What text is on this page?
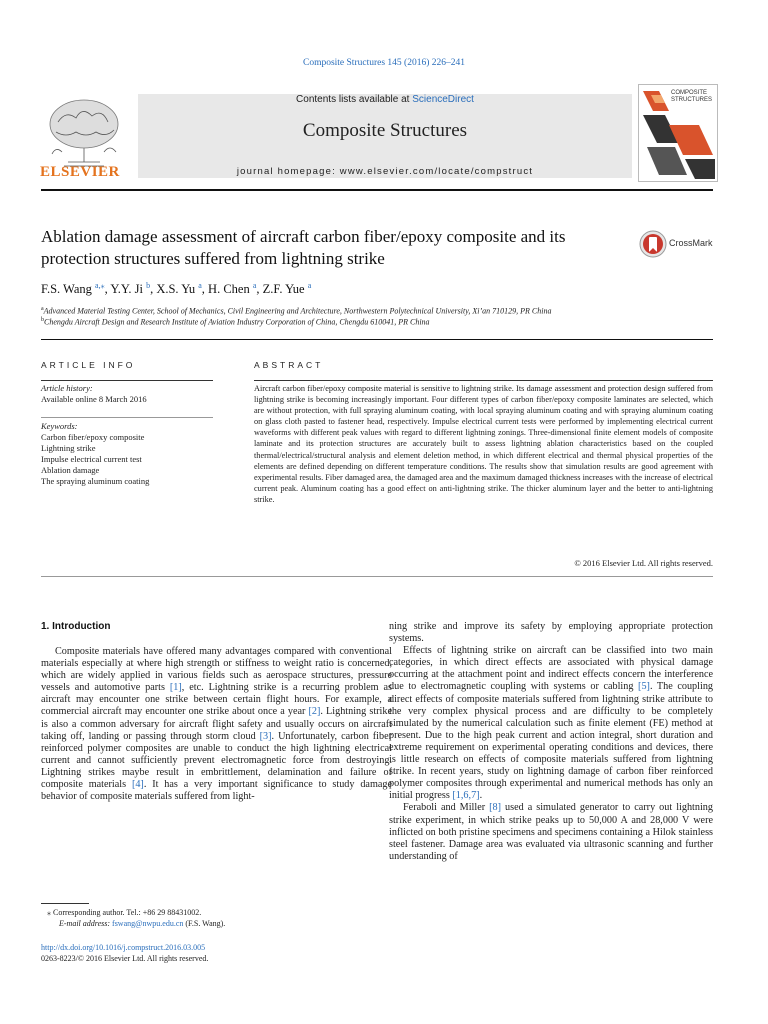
Composite Structures 145 (2016) 226–241
ELSEVIER
Contents lists available at ScienceDirect
Composite Structures
journal homepage: www.elsevier.com/locate/compstruct
COMPOSITE STRUCTURES
Ablation damage assessment of aircraft carbon fiber/epoxy composite and its protection structures suffered from lightning strike
CrossMark
F.S. Wang $^{a,⁎}$, Y.Y. Ji $^b$, X.S. Yu $^a$, H. Chen $^a$, Z.F. Yue $^a$
$^a$Advanced Material Testing Center, School of Mechanics, Civil Engineering and Architecture, Northwestern Polytechnical University, Xi’an 710129, PR China
$^b$Chengdu Aircraft Design and Research Institute of Aviation Industry Corporation of China, Chengdu 610041, PR China
ARTICLE INFO	ABSTRACT
Article history:
Available online 8 March 2016
Keywords:
Carbon fiber/epoxy composite
Lightning strike
Impulse electrical current test
Ablation damage
The spraying aluminum coating
Aircraft carbon fiber/epoxy composite material is sensitive to lightning strike. Its damage assessment and protection design suffered from lightning strike is becoming increasingly important. Four different types of carbon fiber/epoxy composite laminates are selected, which are without protection, with full spraying aluminum coating, with local spraying aluminum coating and with spraying aluminum coating on glass cloth pasted to fastener head, respectively. Impulse electrical current tests were performed by implementing electrical current waveforms with different peak values with regard to different lightning zonings. Three-dimensional finite element models of composite laminate and its protection structures are accurately built to assess lightning ablation characteristics based on the coupled thermal/electrical/structural analysis and element deletion method, in which different electrical and thermal physical properties of the elements are defined depending on different temperature conditions. The results show that simulation results are good agreement with experimental results. Fiber damaged area, the damaged area and the maximum damaged thickness increases with the increase of electrical current peak. Aluminum coating has a good effect on anti-lightning strike. The thicker aluminum layer and the better to anti-lightning strike.
© 2016 Elsevier Ltd. All rights reserved.
1. Introduction

Composite materials have offered many advantages compared with conventional materials especially at where high strength or stiffness to weight ratio is concerned, which are widely applied in various fields such as aerospace structures, pressure vessels and automotive parts [1], etc. Lightning strike is a recurring problem as aircraft may encounter one strike between certain flight hours. For example, a commercial aircraft may encounter one strike about once a year [2]. Lightning strike is also a common adversary for aircraft flight safety and usually occurs on aircraft taking off, landing or passing through storm cloud [3]. Unfortunately, carbon fiber reinforced polymer composites are unable to conduct the high lightning electrical current and cannot sufficiently prevent electromagnetic force from destroying. Lightning strikes maybe result in embrittlement, delamination and failure of composite materials [4]. It has a very important significance to study damage behavior of composite materials suffered from light-

ning strike and improve its safety by employing appropriate protection systems.

Effects of lightning strike on aircraft can be classified into two main categories, in which direct effects are associated with physical damage occurring at the attachment point and indirect effects concern the interference due to electromagnetic coupling with systems or cabling [5]. The coupling direct effects of composite materials suffered from lightning strike attribute to the very complex physical process and are difficulty to be completely simulated by the numerical calculation such as finite element (FE) method at present. Due to the high peak current and action integral, short duration and extreme requirement on experimental operating conditions and devices, there is little research on effects of composite materials suffered from lightning strike. In recent years, study on lightning damage of carbon fiber reinforced polymer composites through experimental and numerical methods has only an initial progress [1,6,7].

Feraboli and Miller [8] used a simulated generator to carry out lightning strike experiment, in which strike peaks up to 50,000 A and 28,000 V were inflicted on both pristine specimens and specimens containing a Hilok stainless steel fastener. Damage area was evaluated via ultrasonic scanning and further understanding of

⁎ Corresponding author. Tel.: +86 29 88431002.
E-mail address: fswang@nwpu.edu.cn (F.S. Wang).
http://dx.doi.org/10.1016/j.compstruct.2016.03.005
0263-8223/© 2016 Elsevier Ltd. All rights reserved.
